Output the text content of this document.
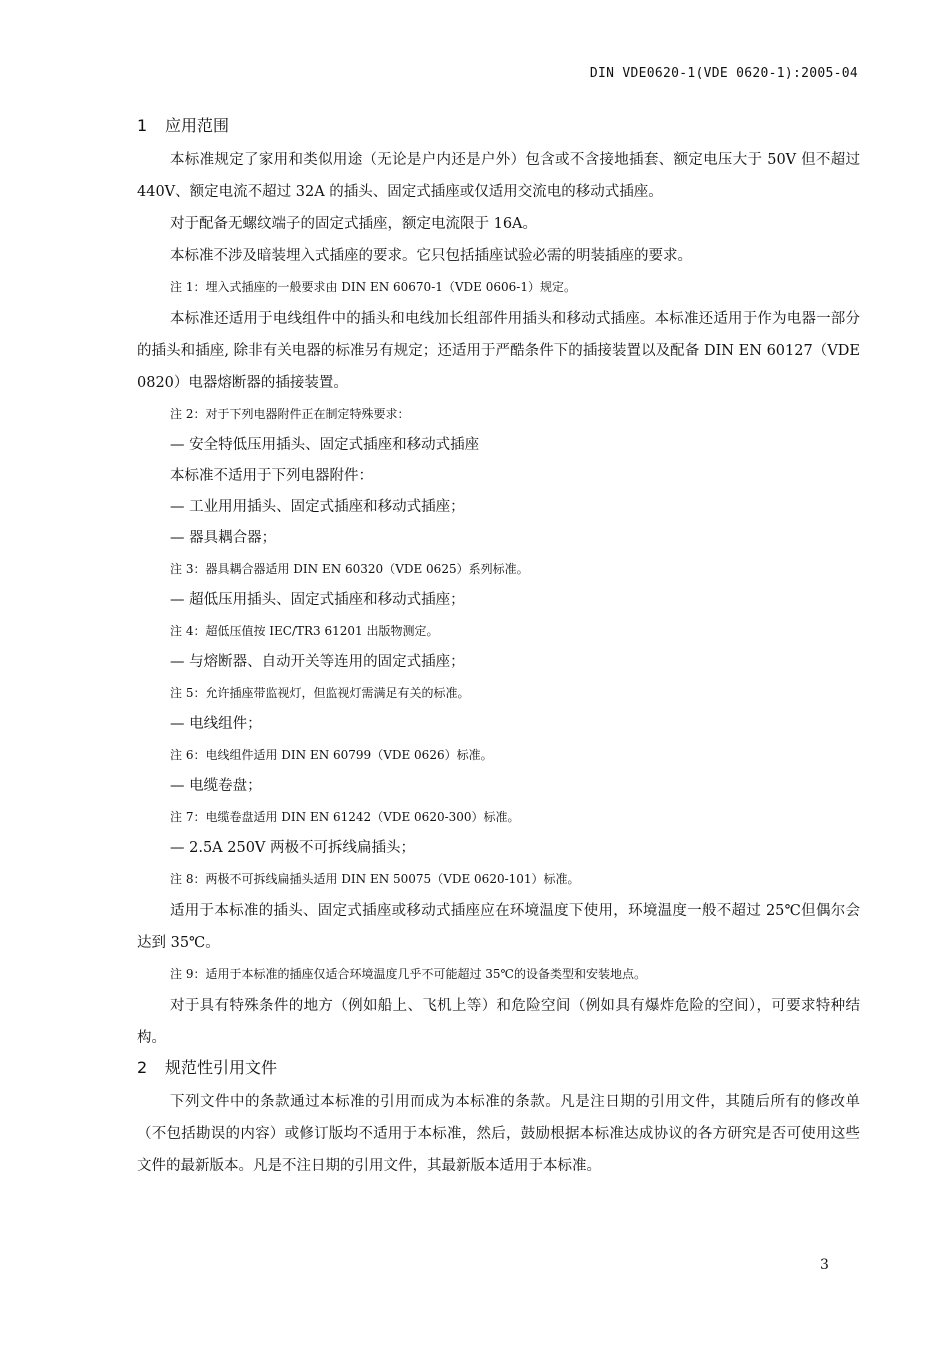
DIN VDE0620-1(VDE 0620-1):2005-04
1 应用范围

本标准规定了家用和类似用途（无论是户内还是户外）包含或不含接地插套、额定电压大于 50V 但不超过 440V、额定电流不超过 32A 的插头、固定式插座或仅适用交流电的移动式插座。

对于配备无螺纹端子的固定式插座，额定电流限于 16A。

本标准不涉及暗装埋入式插座的要求。它只包括插座试验必需的明装插座的要求。

注 1：埋入式插座的一般要求由 DIN EN 60670-1（VDE 0606-1）规定。

本标准还适用于电线组件中的插头和电线加长组部件用插头和移动式插座。本标准还适用于作为电器一部分的插头和插座, 除非有关电器的标准另有规定；还适用于严酷条件下的插接装置以及配备 DIN EN 60127（VDE 0820）电器熔断器的插接装置。

注 2：对于下列电器附件正在制定特殊要求：

— 安全特低压用插头、固定式插座和移动式插座

本标准不适用于下列电器附件：

— 工业用用插头、固定式插座和移动式插座；

— 器具耦合器；

注 3：器具耦合器适用 DIN EN 60320（VDE 0625）系列标准。

— 超低压用插头、固定式插座和移动式插座；

注 4：超低压值按 IEC/TR3 61201 出版物测定。

— 与熔断器、自动开关等连用的固定式插座；

注 5：允许插座带监视灯，但监视灯需满足有关的标准。

— 电线组件；

注 6：电线组件适用 DIN EN 60799（VDE 0626）标准。

— 电缆卷盘；

注 7：电缆卷盘适用 DIN EN 61242（VDE 0620-300）标准。

— 2.5A 250V 两极不可拆线扁插头；

注 8：两极不可拆线扁插头适用 DIN EN 50075（VDE 0620-101）标准。

适用于本标准的插头、固定式插座或移动式插座应在环境温度下使用，环境温度一般不超过 25℃但偶尔会达到 35℃。

注 9：适用于本标准的插座仅适合环境温度几乎不可能超过 35℃的设备类型和安装地点。

对于具有特殊条件的地方（例如船上、飞机上等）和危险空间（例如具有爆炸危险的空间），可要求特种结构。

2 规范性引用文件

下列文件中的条款通过本标准的引用而成为本标准的条款。凡是注日期的引用文件，其随后所有的修改单（不包括勘误的内容）或修订版均不适用于本标准，然后，鼓励根据本标准达成协议的各方研究是否可使用这些文件的最新版本。凡是不注日期的引用文件，其最新版本适用于本标准。

3
